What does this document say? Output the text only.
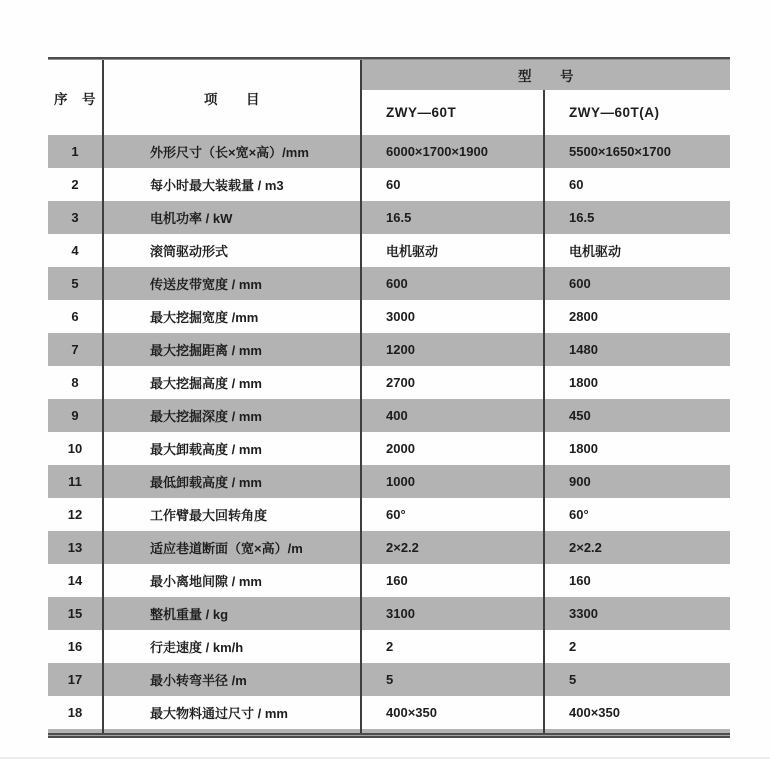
序　号	项　　目
型　　号
ZWY—60T	ZWY—60T(A)
1	外形尺寸（长×宽×高）/mm	6000×1700×1900	5500×1650×1700
2	每小时最大装载量 / m3	60	60
3	电机功率 / kW	16.5	16.5
4	滚筒驱动形式	电机驱动	电机驱动
5	传送皮带宽度 / mm	600	600
6	最大挖掘宽度 /mm	3000	2800
7	最大挖掘距离 / mm	1200	1480
8	最大挖掘高度 / mm	2700	1800
9	最大挖掘深度 / mm	400	450
10	最大卸载高度 / mm	2000	1800
11	最低卸载高度 / mm	1000	900
12	工作臂最大回转角度	60°	60°
13	适应巷道断面（宽×高）/m	2×2.2	2×2.2
14	最小离地间隙 / mm	160	160
15	整机重量 / kg	3100	3300
16	行走速度 / km/h	2	2
17	最小转弯半径 /m	5	5
18	最大物料通过尺寸 / mm	400×350	400×350
